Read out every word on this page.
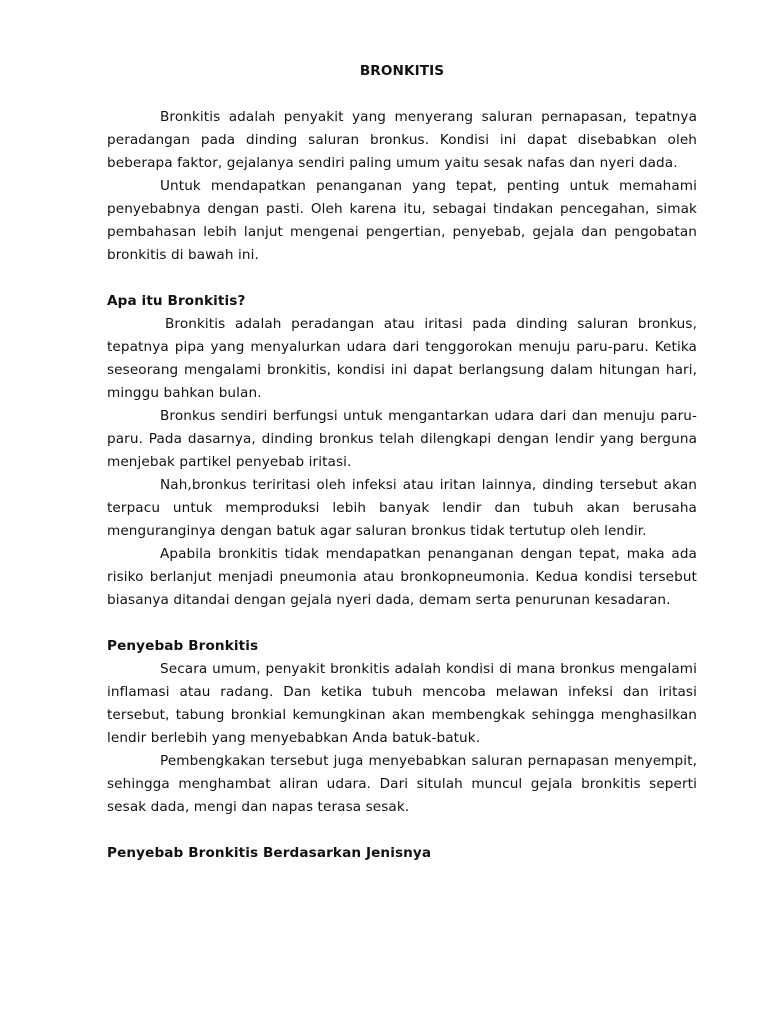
BRONKITIS

Bronkitis adalah penyakit yang menyerang saluran pernapasan, tepatnya peradangan pada dinding saluran bronkus. Kondisi ini dapat disebabkan oleh beberapa faktor, gejalanya sendiri paling umum yaitu sesak nafas dan nyeri dada.

Untuk mendapatkan penanganan yang tepat, penting untuk memahami penyebabnya dengan pasti. Oleh karena itu, sebagai tindakan pencegahan, simak pembahasan lebih lanjut mengenai pengertian, penyebab, gejala dan pengobatan bronkitis di bawah ini.

Apa itu Bronkitis?

Bronkitis adalah peradangan atau iritasi pada dinding saluran bronkus, tepatnya pipa yang menyalurkan udara dari tenggorokan menuju paru-paru. Ketika seseorang mengalami bronkitis, kondisi ini dapat berlangsung dalam hitungan hari, minggu bahkan bulan.

Bronkus sendiri berfungsi untuk mengantarkan udara dari dan menuju paru-paru. Pada dasarnya, dinding bronkus telah dilengkapi dengan lendir yang berguna menjebak partikel penyebab iritasi.

Nah,bronkus teriritasi oleh infeksi atau iritan lainnya, dinding tersebut akan terpacu untuk memproduksi lebih banyak lendir dan tubuh akan berusaha menguranginya dengan batuk agar saluran bronkus tidak tertutup oleh lendir.

Apabila bronkitis tidak mendapatkan penanganan dengan tepat, maka ada risiko berlanjut menjadi pneumonia atau bronkopneumonia. Kedua kondisi tersebut biasanya ditandai dengan gejala nyeri dada, demam serta penurunan kesadaran.

Penyebab Bronkitis

Secara umum, penyakit bronkitis adalah kondisi di mana bronkus mengalami inflamasi atau radang. Dan ketika tubuh mencoba melawan infeksi dan iritasi tersebut, tabung bronkial kemungkinan akan membengkak sehingga menghasilkan lendir berlebih yang menyebabkan Anda batuk-batuk.

Pembengkakan tersebut juga menyebabkan saluran pernapasan menyempit, sehingga menghambat aliran udara. Dari situlah muncul gejala bronkitis seperti sesak dada, mengi dan napas terasa sesak.

Penyebab Bronkitis Berdasarkan Jenisnya
